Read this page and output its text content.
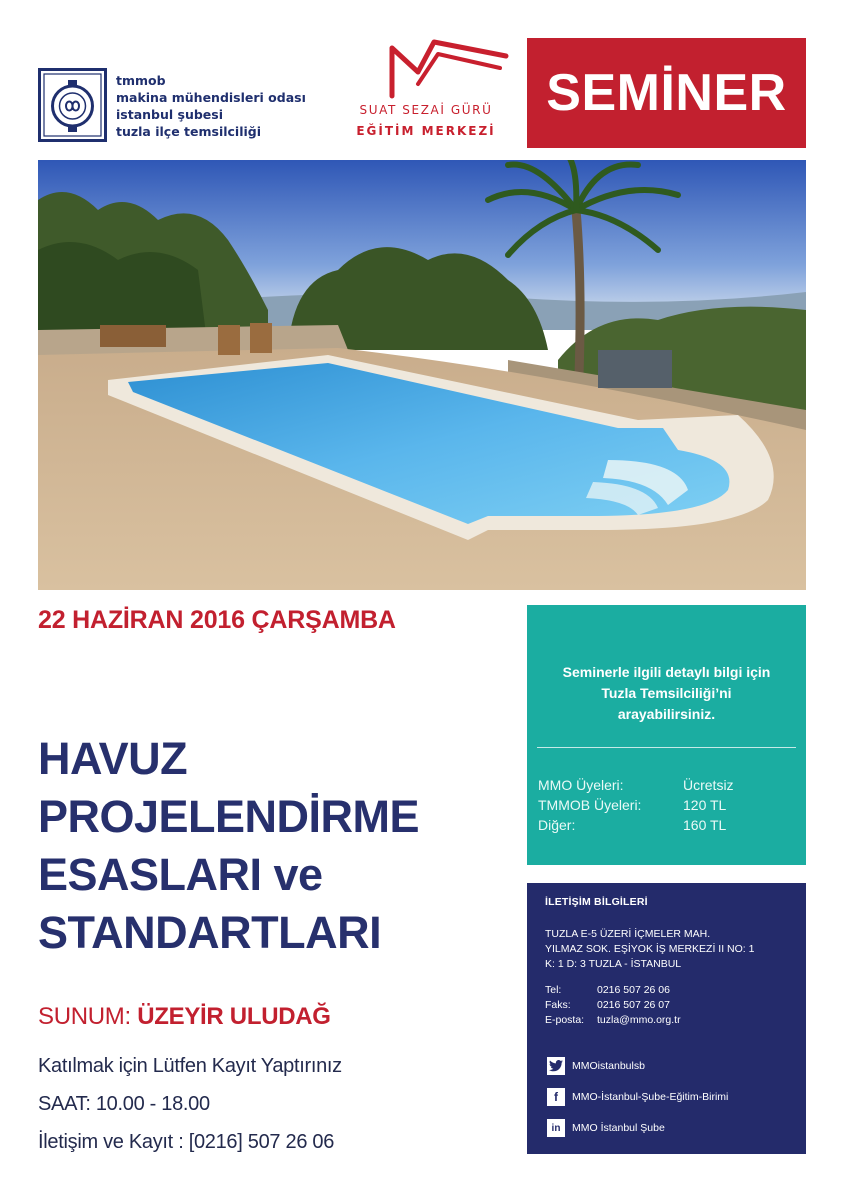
tmmob
makina mühendisleri odası
istanbul şubesi
tuzla ilçe temsilciliği
SUAT SEZAİ GÜRÜ
EĞİTİM MERKEZİ
SEMİNER
22 HAZİRAN 2016 ÇARŞAMBA
HAVUZ
PROJELENDİRME
ESASLARI ve
STANDARTLARI
SUNUM: ÜZEYİR ULUDAĞ
Katılmak için Lütfen Kayıt Yaptırınız
SAAT: 10.00 - 18.00
İletişim ve Kayıt : [0216] 507 26 06
Seminerle ilgili detaylı bilgi için
Tuzla Temsilciliği’ni
arayabilirsiniz.
MMO Üyeleri:	Ücretsiz
TMMOB Üyeleri:	120 TL
Diğer:	160 TL
İLETİŞİM BİLGİLERİ
TUZLA E-5 ÜZERİ İÇMELER MAH.
YILMAZ SOK. EŞİYOK İŞ MERKEZİ II NO: 1
K: 1 D: 3 TUZLA - İSTANBUL
Tel:	0216 507 26 06
Faks:	0216 507 26 07
E-posta: tuzla@mmo.org.tr
MMOistanbulsb
f	MMO-İstanbul-Şube-Eğitim-Birimi
in	MMO İstanbul Şube
